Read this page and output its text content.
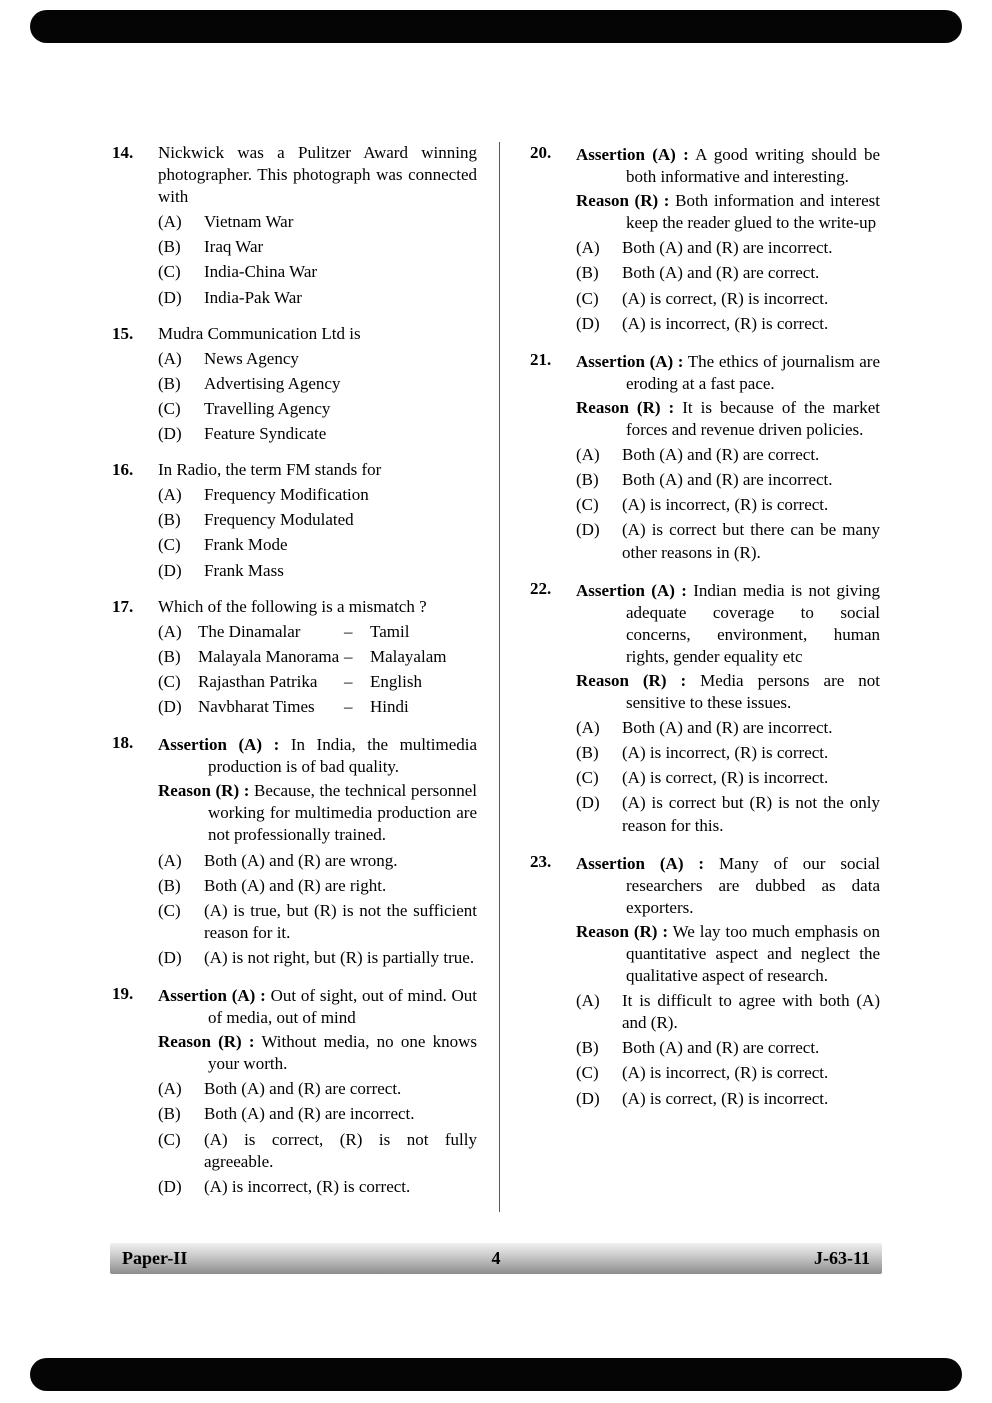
14.	Nickwick was a Pulitzer Award winning photographer. This photograph was connected with

(A)	Vietnam War
(B)	Iraq War
(C)	India-China War
(D)	India-Pak War
15.	Mudra Communication Ltd is

(A)	News Agency
(B)	Advertising Agency
(C)	Travelling Agency
(D)	Feature Syndicate
16.	In Radio, the term FM stands for

(A)	Frequency Modification
(B)	Frequency Modulated
(C)	Frank Mode
(D)	Frank Mass
17.	Which of the following is a mismatch ?

(A) The Dinamalar	–	Tamil
(B)	Malayala Manorama –	Malayalam
(C)	Rajasthan Patrika	–	English
(D) Navbharat Times	–	Hindi
18.	Assertion (A) : In India, the multimedia production is of bad quality.

Reason (R) : Because, the technical personnel working for multimedia production are not professionally trained.

(A)	Both (A) and (R) are wrong.
(B)	Both (A) and (R) are right.
(C)	(A) is true, but (R) is not the sufficient reason for it.
(D)	(A) is not right, but (R) is partially true.
19.	Assertion (A) : Out of sight, out of mind. Out of media, out of mind

Reason (R) : Without media, no one knows your worth.

(A)	Both (A) and (R) are correct.
(B)	Both (A) and (R) are incorrect.
(C)	(A) is correct, (R) is not fully agreeable.
(D)	(A) is incorrect, (R) is correct.
20.	Assertion (A) : A good writing should be both informative and interesting.

Reason (R) : Both information and interest keep the reader glued to the write-up

(A)	Both (A) and (R) are incorrect.
(B)	Both (A) and (R) are correct.
(C)	(A) is correct, (R) is incorrect.
(D)	(A) is incorrect, (R) is correct.
21.	Assertion (A) : The ethics of journalism are eroding at a fast pace.

Reason (R) : It is because of the market forces and revenue driven policies.

(A)	Both (A) and (R) are correct.
(B)	Both (A) and (R) are incorrect.
(C)	(A) is incorrect, (R) is correct.
(D)	(A) is correct but there can be many other reasons in (R).
22.	Assertion (A) : Indian media is not giving adequate coverage to social concerns, environment, human rights, gender equality etc

Reason (R) : Media persons are not sensitive to these issues.

(A)	Both (A) and (R) are incorrect.
(B)	(A) is incorrect, (R) is correct.
(C)	(A) is correct, (R) is incorrect.
(D)	(A) is correct but (R) is not the only reason for this.
23.	Assertion (A) : Many of our social researchers are dubbed as data exporters.

Reason (R) : We lay too much emphasis on quantitative aspect and neglect the qualitative aspect of research.

(A)	It is difficult to agree with both (A) and (R).
(B)	Both (A) and (R) are correct.
(C)	(A) is incorrect, (R) is correct.
(D)	(A) is correct, (R) is incorrect.
Paper-II	4	J-63-11
